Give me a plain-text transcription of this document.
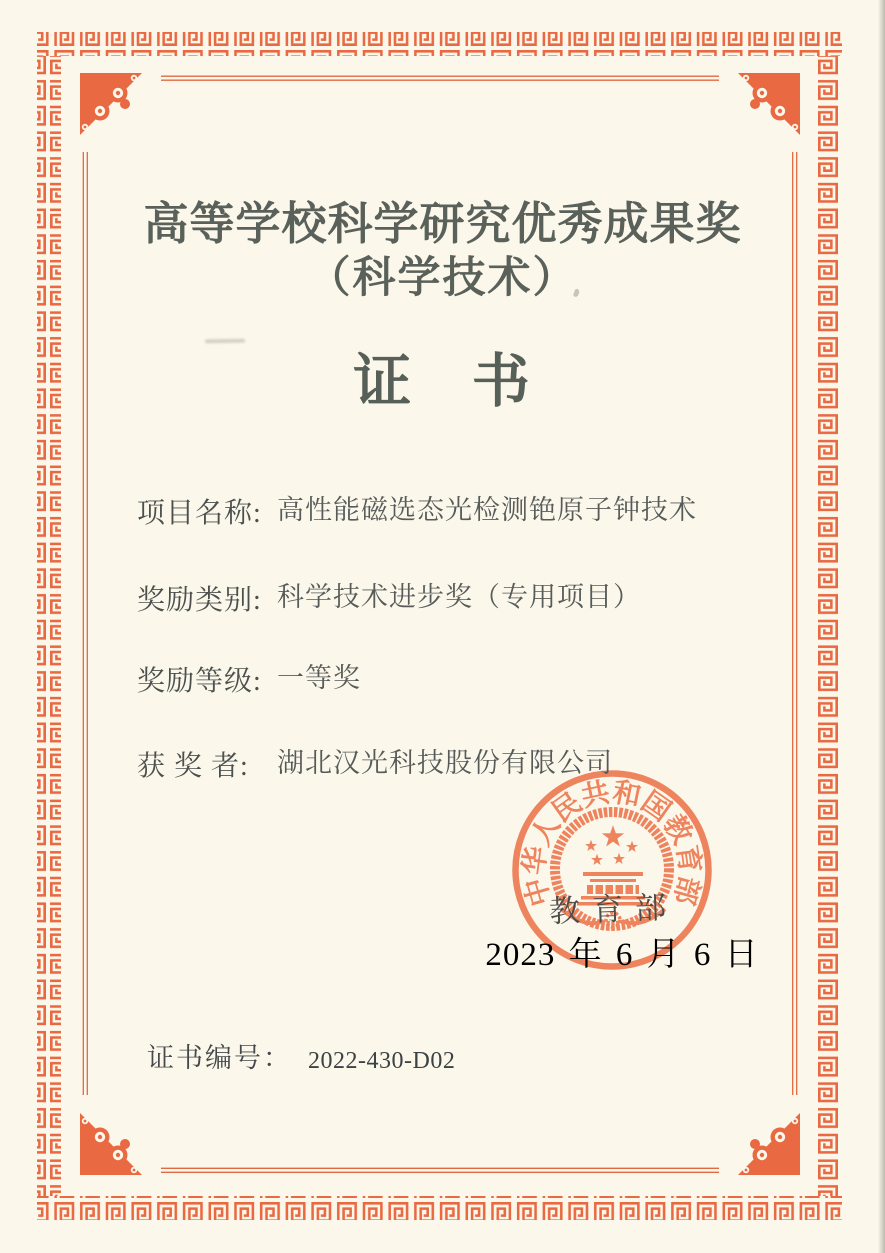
高等学校科学研究优秀成果奖
（科学技术）
证 书
项目名称: 高性能磁选态光检测铯原子钟技术
奖励类别: 科学技术进步奖（专用项目）
奖励等级: 一等奖
获 奖 者: 湖北汉光科技股份有限公司
中华人民共和国教育部
教育部
2023 年 6 月 6 日
证书编号： 2022-430-D02
